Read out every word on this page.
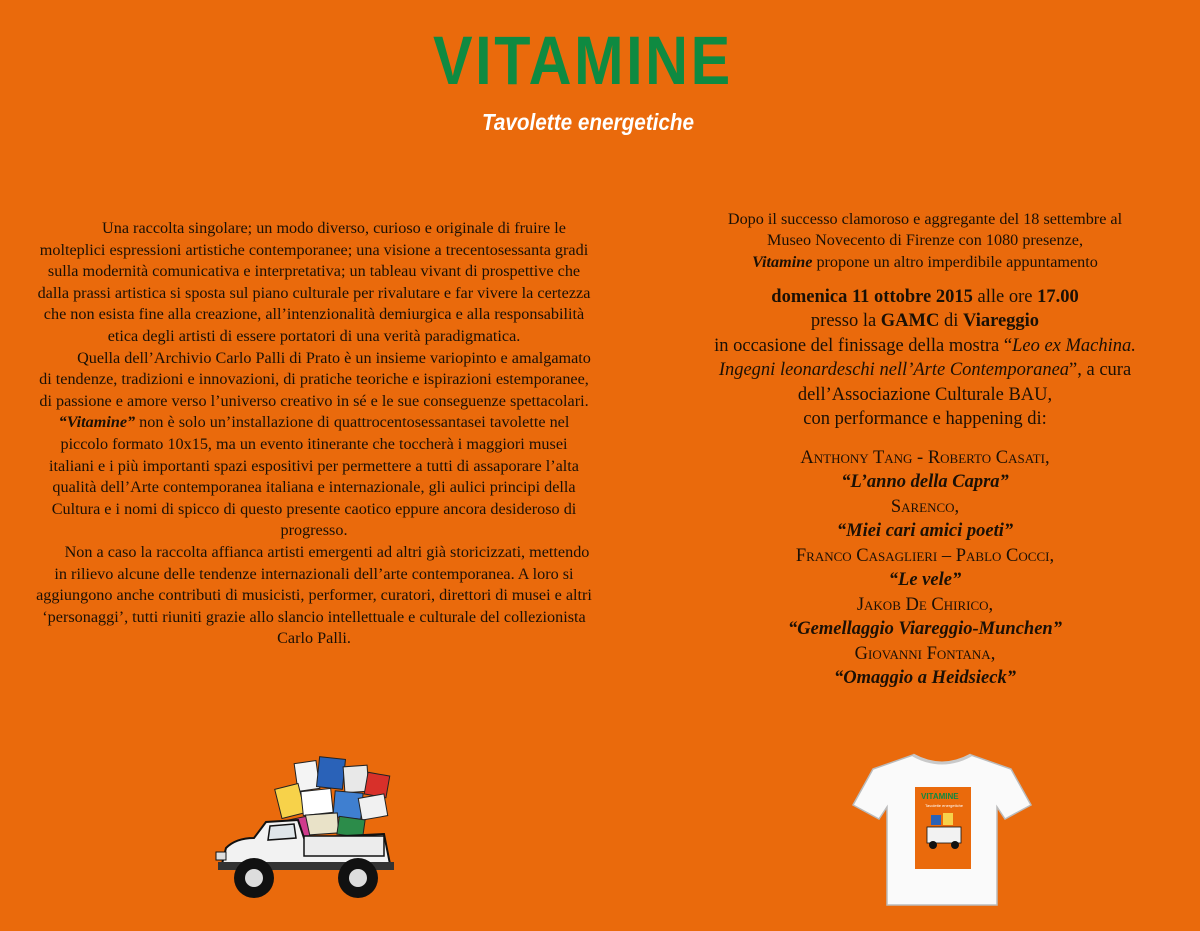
VITAMINE
Tavolette energetiche

Una raccolta singolare; un modo diverso, curioso e originale di fruire le molteplici espressioni artistiche contemporanee; una visione a trecentosessanta gradi sulla modernità comunicativa e interpretativa; un tableau vivant di prospettive che dalla prassi artistica si sposta sul piano culturale per rivalutare e far vivere la certezza che non esista fine alla creazione, all’intenzionalità demiurgica e alla responsabilità etica degli artisti di essere portatori di una verità paradigmatica.

Quella dell’Archivio Carlo Palli di Prato è un insieme variopinto e amalgamato di tendenze, tradizioni e innovazioni, di pratiche teoriche e ispirazioni estemporanee, di passione e amore verso l’universo creativo in sé e le sue conseguenze spettacolari.

“Vitamine” non è solo un’installazione di quattrocentosessantasei tavolette nel piccolo formato 10x15, ma un evento itinerante che toccherà i maggiori musei italiani e i più importanti spazi espositivi per permettere a tutti di assaporare l’alta qualità dell’Arte contemporanea italiana e internazionale, gli aulici principi della Cultura e i nomi di spicco di questo presente caotico eppure ancora desideroso di progresso.

Non a caso la raccolta affianca artisti emergenti ad altri già storicizzati, mettendo in rilievo alcune delle tendenze internazionali dell’arte contemporanea. A loro si aggiungono anche contributi di musicisti, performer, curatori, direttori di musei e altri ‘personaggi’, tutti riuniti grazie allo slancio intellettuale e culturale del collezionista

Carlo Palli.

Dopo il successo clamoroso e aggregante del 18 settembre al

Museo Novecento di Firenze con 1080 presenze,

Vitamine propone un altro imperdibile appuntamento

domenica 11 ottobre 2015 alle ore 17.00

presso la GAMC di Viareggio

in occasione del finissage della mostra “Leo ex Machina.

Ingegni leonardeschi nell’Arte Contemporanea”, a cura

dell’Associazione Culturale BAU,

con performance e happening di:

Anthony Tang - Roberto Casati,

“L’anno della Capra”

Sarenco,

“Miei cari amici poeti”

Franco Casaglieri – Pablo Cocci,

“Le vele”

Jakob De Chirico,

“Gemellaggio Viareggio-Munchen”

Giovanni Fontana,

“Omaggio a Heidsieck”

VITAMINE
Tavolette energetiche
